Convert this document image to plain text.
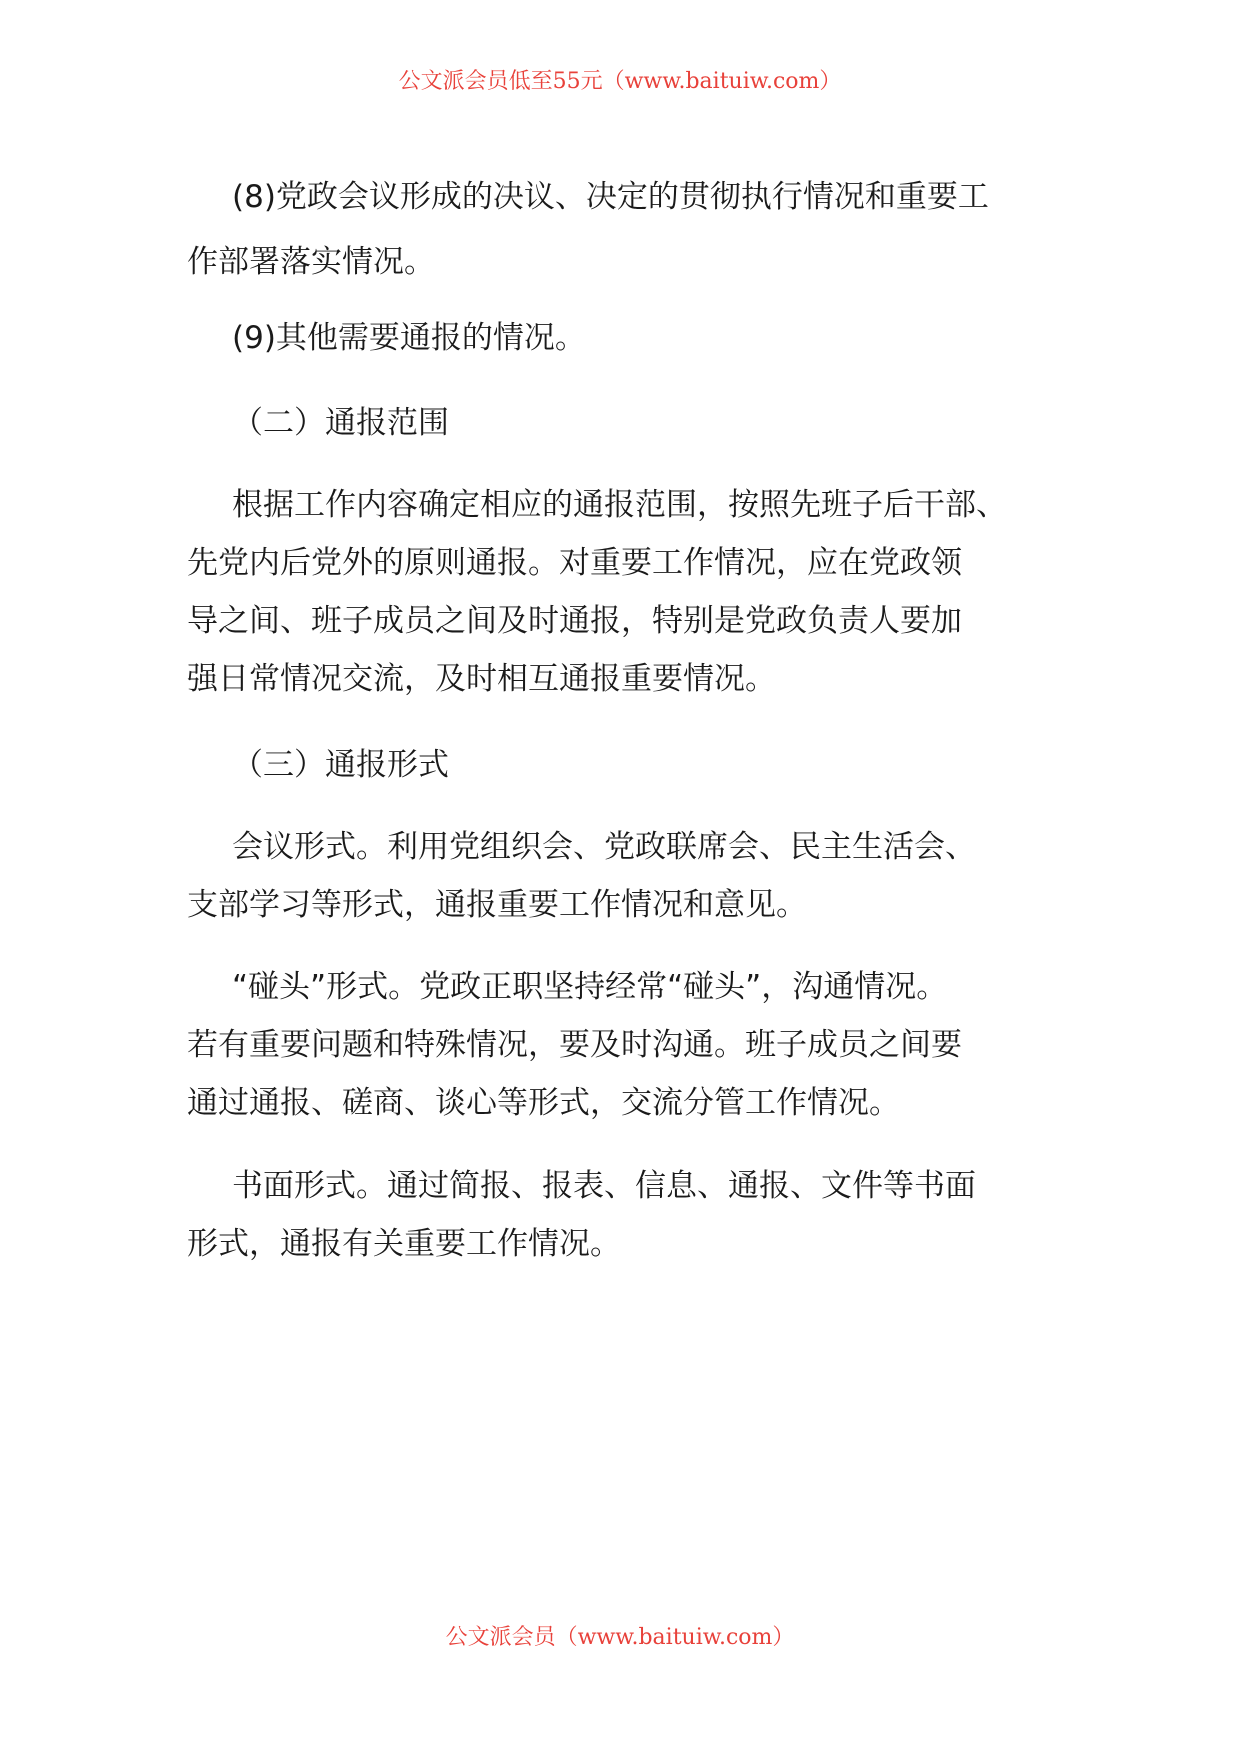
公文派会员低至55元（www.baituiw.com）
(8)党政会议形成的决议、决定的贯彻执行情况和重要工
作部署落实情况。
(9)其他需要通报的情况。
（二）通报范围
根据工作内容确定相应的通报范围，按照先班子后干部、
先党内后党外的原则通报。对重要工作情况，应在党政领
导之间、班子成员之间及时通报，特别是党政负责人要加
强日常情况交流，及时相互通报重要情况。
（三）通报形式
会议形式。利用党组织会、党政联席会、民主生活会、
支部学习等形式，通报重要工作情况和意见。
“碰头”形式。党政正职坚持经常“碰头”，沟通情况。
若有重要问题和特殊情况，要及时沟通。班子成员之间要
通过通报、磋商、谈心等形式，交流分管工作情况。
书面形式。通过简报、报表、信息、通报、文件等书面
形式，通报有关重要工作情况。
公文派会员（www.baituiw.com）
